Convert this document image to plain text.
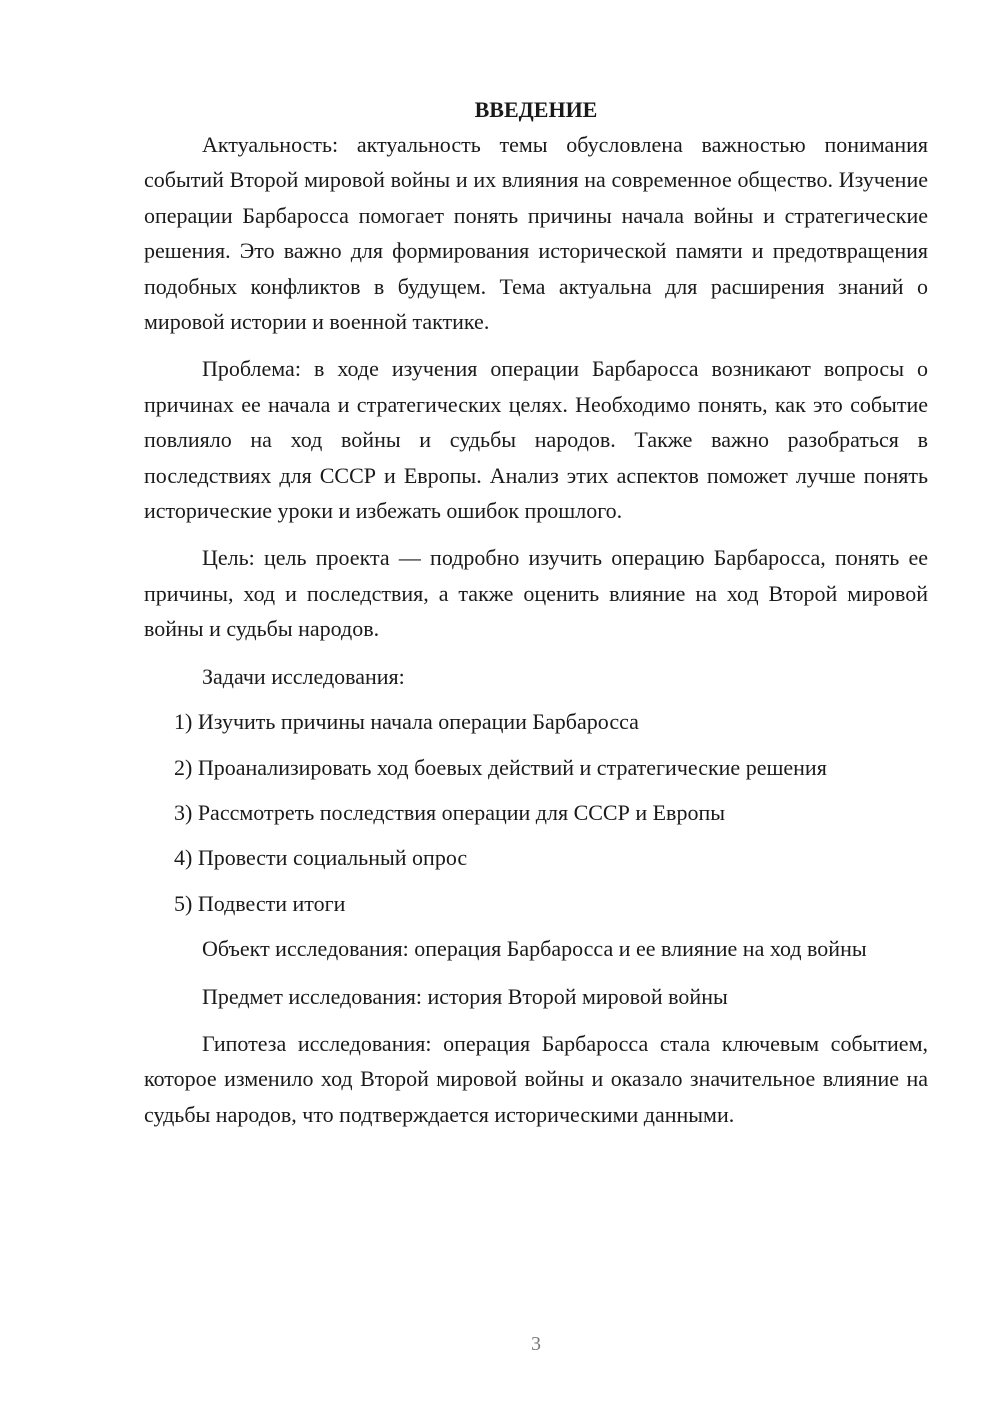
ВВЕДЕНИЕ

Актуальность: актуальность темы обусловлена важностью понимания событий Второй мировой войны и их влияния на современное общество. Изучение операции Барбаросса помогает понять причины начала войны и стратегические решения. Это важно для формирования исторической памяти и предотвращения подобных конфликтов в будущем. Тема актуальна для расширения знаний о мировой истории и военной тактике.

Проблема: в ходе изучения операции Барбаросса возникают вопросы о причинах ее начала и стратегических целях. Необходимо понять, как это событие повлияло на ход войны и судьбы народов. Также важно разобраться в последствиях для СССР и Европы. Анализ этих аспектов поможет лучше понять исторические уроки и избежать ошибок прошлого.

Цель: цель проекта — подробно изучить операцию Барбаросса, понять ее причины, ход и последствия, а также оценить влияние на ход Второй мировой войны и судьбы народов.

Задачи исследования:

1) Изучить причины начала операции Барбаросса
2) Проанализировать ход боевых действий и стратегические решения
3) Рассмотреть последствия операции для СССР и Европы
4) Провести социальный опрос
5) Подвести итоги

Объект исследования: операция Барбаросса и ее влияние на ход войны

Предмет исследования: история Второй мировой войны

Гипотеза исследования: операция Барбаросса стала ключевым событием, которое изменило ход Второй мировой войны и оказало значительное влияние на судьбы народов, что подтверждается историческими данными.

3
